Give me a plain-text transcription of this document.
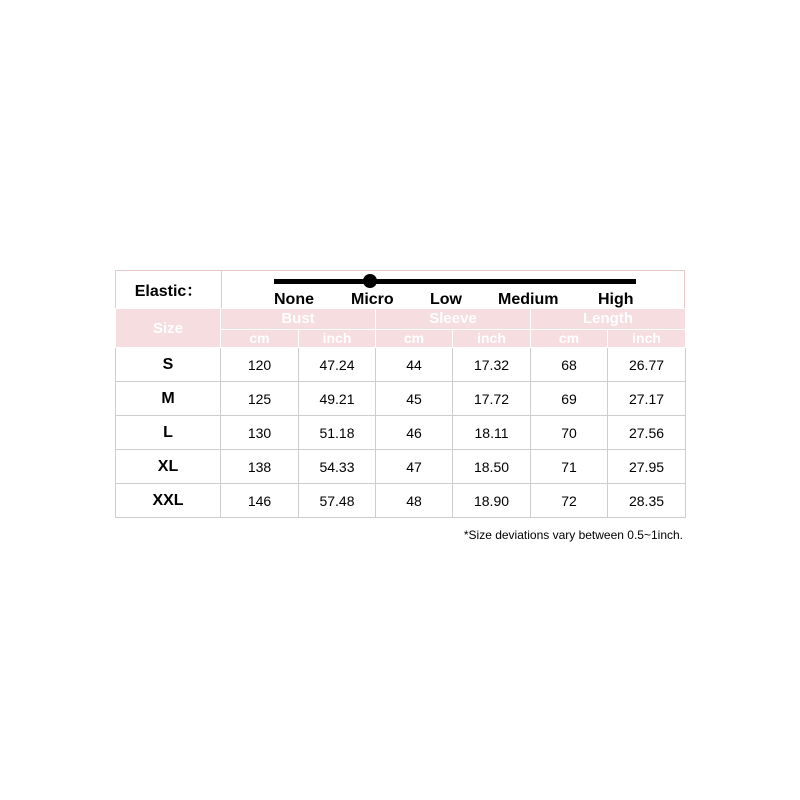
Elastic：	None Micro Low Medium High
Size	Bust		Sleeve		Length	
	cm	inch	cm	inch	cm	inch
S	120	47.24	44	17.32	68	26.77
M	125	49.21	45	17.72	69	27.17
L	130	51.18	46	18.11	70	27.56
XL	138	54.33	47	18.50	71	27.95
XXL	146	57.48	48	18.90	72	28.35
*Size deviations vary between 0.5~1inch.
